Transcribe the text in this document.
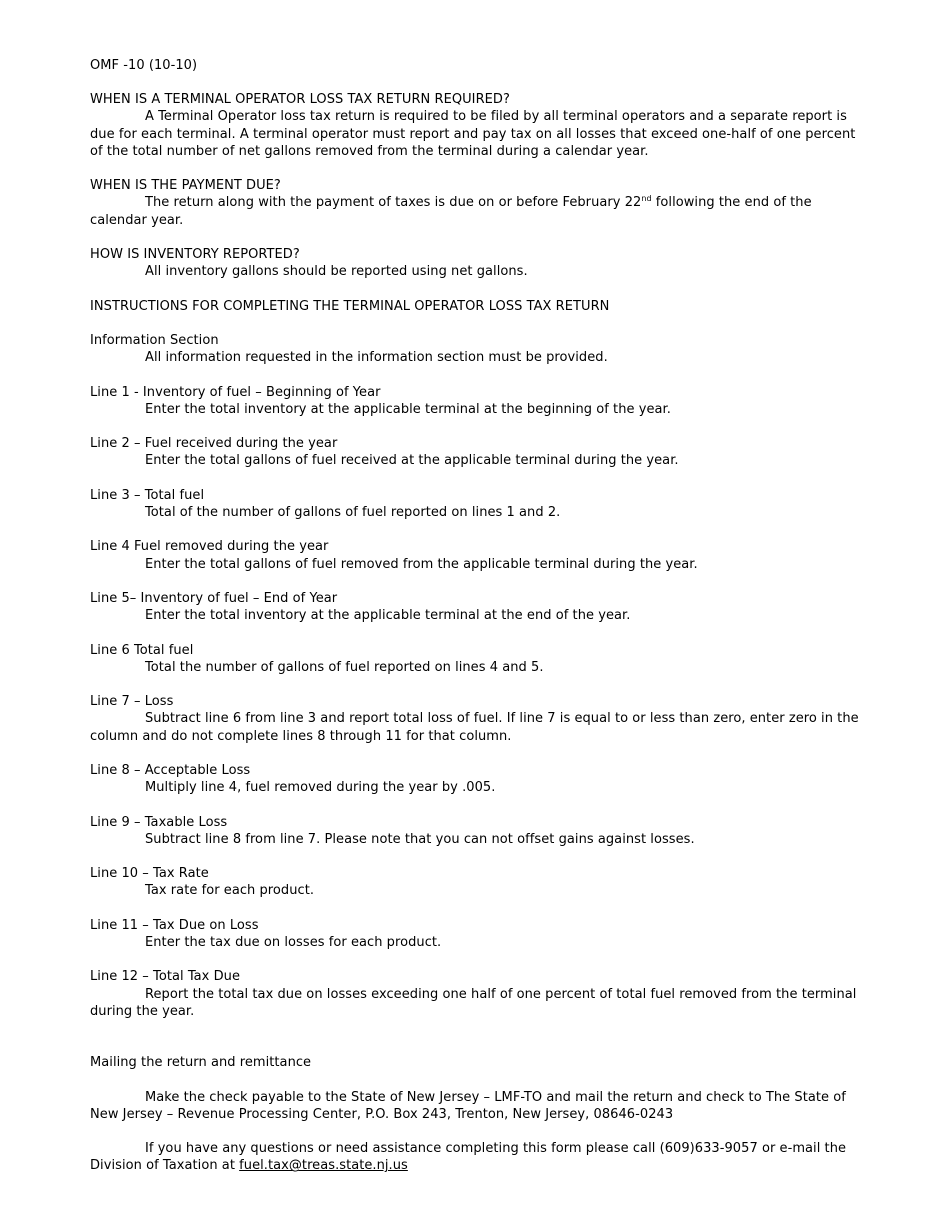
OMF -10 (10-10)

WHEN IS A TERMINAL OPERATOR LOSS TAX RETURN REQUIRED?

A Terminal Operator loss tax return is required to be filed by all terminal operators and a separate report is due for each terminal. A terminal operator must report and pay tax on all losses that exceed one-half of one percent of the total number of net gallons removed from the terminal during a calendar year.

WHEN IS THE PAYMENT DUE?

The return along with the payment of taxes is due on or before February 22nd following the end of the calendar year.

HOW IS INVENTORY REPORTED?

All inventory gallons should be reported using net gallons.

INSTRUCTIONS FOR COMPLETING THE TERMINAL OPERATOR LOSS TAX RETURN

Information Section

All information requested in the information section must be provided.

Line 1 - Inventory of fuel – Beginning of Year

Enter the total inventory at the applicable terminal at the beginning of the year.

Line 2 – Fuel received during the year

Enter the total gallons of fuel received at the applicable terminal during the year.

Line 3 – Total fuel

Total of the number of gallons of fuel reported on lines 1 and 2.

Line 4 Fuel removed during the year

Enter the total gallons of fuel removed from the applicable terminal during the year.

Line 5– Inventory of fuel – End of Year

Enter the total inventory at the applicable terminal at the end of the year.

Line 6 Total fuel

Total the number of gallons of fuel reported on lines 4 and 5.

Line 7 – Loss

Subtract line 6 from line 3 and report total loss of fuel. If line 7 is equal to or less than zero, enter zero in the column and do not complete lines 8 through 11 for that column.

Line 8 – Acceptable Loss

Multiply line 4, fuel removed during the year by .005.

Line 9 – Taxable Loss

Subtract line 8 from line 7. Please note that you can not offset gains against losses.

Line 10 – Tax Rate

Tax rate for each product.

Line 11 – Tax Due on Loss

Enter the tax due on losses for each product.

Line 12 – Total Tax Due

Report the total tax due on losses exceeding one half of one percent of total fuel removed from the terminal during the year.

Mailing the return and remittance

Make the check payable to the State of New Jersey – LMF-TO and mail the return and check to The State of New Jersey – Revenue Processing Center, P.O. Box 243, Trenton, New Jersey, 08646-0243

If you have any questions or need assistance completing this form please call (609)633-9057 or e-mail the Division of Taxation at fuel.tax@treas.state.nj.us
